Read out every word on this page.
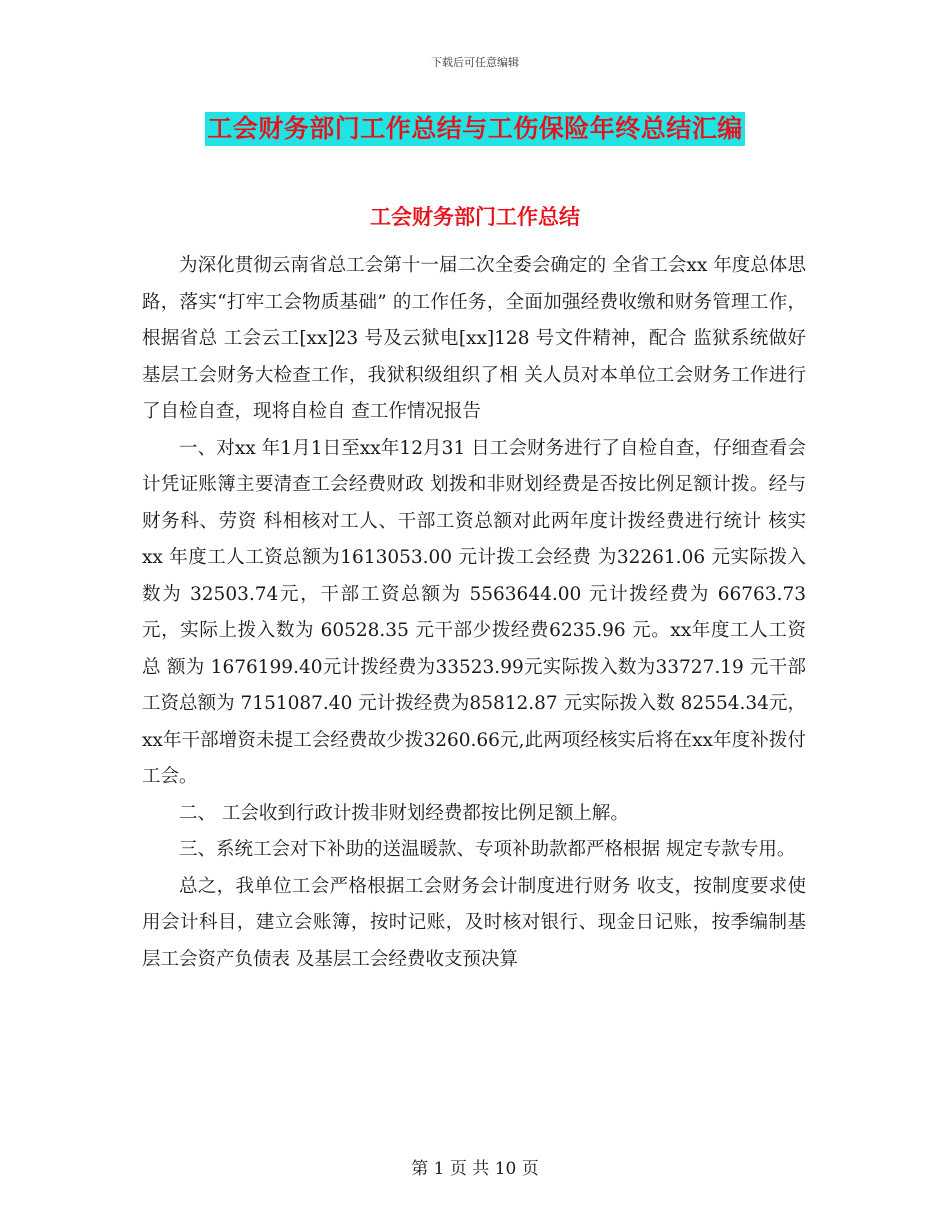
下载后可任意编辑
工会财务部门工作总结与工伤保险年终总结汇编
工会财务部门工作总结

为深化贯彻云南省总工会第十一届二次全委会确定的 全省工会xx 年度总体思路，落实“打牢工会物质基础” 的工作任务，全面加强经费收缴和财务管理工作，根据省总 工会云工[xx]23 号及云狱电[xx]128 号文件精神，配合 监狱系统做好基层工会财务大检查工作，我狱积级组织了相 关人员对本单位工会财务工作进行了自检自查，现将自检自 查工作情况报告

一、对xx 年1月1日至xx年12月31 日工会财务进行了自检自查，仔细查看会计凭证账簿主要清查工会经费财政 划拨和非财划经费是否按比例足额计拨。经与财务科、劳资 科相核对工人、干部工资总额对此两年度计拨经费进行统计 核实 xx 年度工人工资总额为1613053.00 元计拨工会经费 为32261.06 元实际拨入数为 32503.74元，干部工资总额为 5563644.00 元计拨经费为 66763.73 元，实际上拨入数为 60528.35 元干部少拨经费6235.96 元。xx年度工人工资总 额为 1676199.40元计拨经费为33523.99元实际拨入数为33727.19 元干部工资总额为 7151087.40 元计拨经费为85812.87 元实际拨入数 82554.34元，xx年干部增资未提工会经费故少拨3260.66元,此两项经核实后将在xx年度补拨付工会。

二、 工会收到行政计拨非财划经费都按比例足额上解。

三、系统工会对下补助的送温暖款、专项补助款都严格根据 规定专款专用。

总之，我单位工会严格根据工会财务会计制度进行财务 收支，按制度要求使用会计科目，建立会账簿，按时记账，及时核对银行、现金日记账，按季编制基层工会资产负债表 及基层工会经费收支预决算

第 1 页 共 10 页
